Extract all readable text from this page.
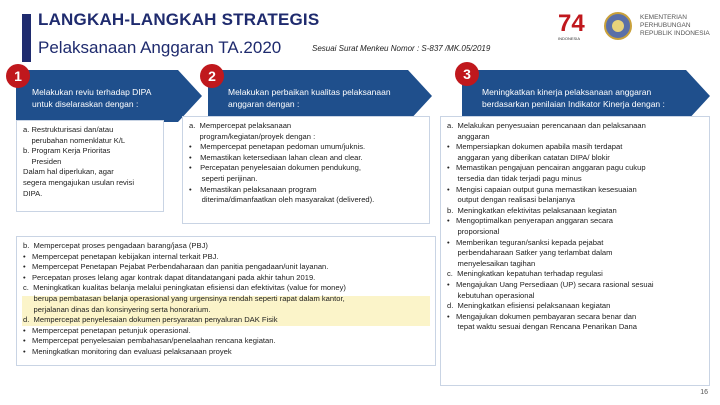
LANGKAH-LANGKAH STRATEGIS
Pelaksanaan Anggaran TA.2020	Sesuai Surat Menkeu Nomor : S-837 /MK.05/2019
74
INDONESIA
KEMENTERIAN PERHUBUNGAN
REPUBLIK INDONESIA
Melakukan reviu terhadap DIPA
untuk diselaraskan dengan :
1
Melakukan perbaikan kualitas pelaksanaan
anggaran dengan :
2
Meningkatkan kinerja pelaksanaan anggaran
berdasarkan penilaian Indikator Kinerja dengan :
3
a. Restrukturisasi dan/atau
perubahan nomenklatur K/L
b. Program Kerja Prioritas
Presiden
Dalam hal diperlukan, agar
segera mengajukan usulan revisi
DIPA.
a.  Mempercepat pelaksanaan
program/kegiatan/proyek dengan :
•    Mempercepat penetapan pedoman umum/juknis.
•    Memastikan ketersediaan lahan clean and clear.
•    Percepatan penyelesaian dokumen pendukung,
seperti perijinan.
•    Memastikan pelaksanaan program
diterima/dimanfaatkan oleh masyarakat (delivered).
b.  Mempercepat proses pengadaan barang/jasa (PBJ)
•   Mempercepat penetapan kebijakan internal terkait PBJ.
•   Mempercepat Penetapan Pejabat Perbendaharaan dan panitia pengadaan/unit layanan.
•   Percepatan proses lelang agar kontrak dapat ditandatangani pada akhir tahun 2019.
c.  Meningkatkan kualitas belanja melalui peningkatan efisiensi dan efektivitas (value for money)
berupa pembatasan belanja operasional yang urgensinya rendah seperti rapat dalam kantor,
perjalanan dinas dan konsinyering serta honorarium.
d.  Mempercepat penyelesaian dokumen persyaratan penyaluran DAK Fisik
•   Mempercepat penetapan petunjuk operasional.
•   Mempercepat penyelesaian pembahasan/penelaahan rencana kegiatan.
•   Meningkatkan monitoring dan evaluasi pelaksanaan proyek
a.  Melakukan penyesuaian perencanaan dan pelaksanaan
anggaran
•   Mempersiapkan dokumen apabila masih terdapat
anggaran yang diberikan catatan DIPA/ blokir
•   Memastikan pengajuan pencairan anggaran pagu cukup
tersedia dan tidak terjadi pagu minus
•   Mengisi capaian output guna memastikan kesesuaian
output dengan realisasi belanjanya
b.  Meningkatkan efektivitas pelaksanaan kegiatan
•   Mengoptimalkan penyerapan anggaran secara
proporsional
•   Memberikan teguran/sanksi kepada pejabat
perbendaharaan Satker yang terlambat dalam
menyelesaikan tagihan
c.  Meningkatkan kepatuhan terhadap regulasi
•   Mengajukan Uang Persediaan (UP) secara rasional sesuai
kebutuhan operasional
d.  Meningkatkan efisiensi pelaksanaan kegiatan
•   Mengajukan dokumen pembayaran secara benar dan
tepat waktu sesuai dengan Rencana Penarikan Dana
16
